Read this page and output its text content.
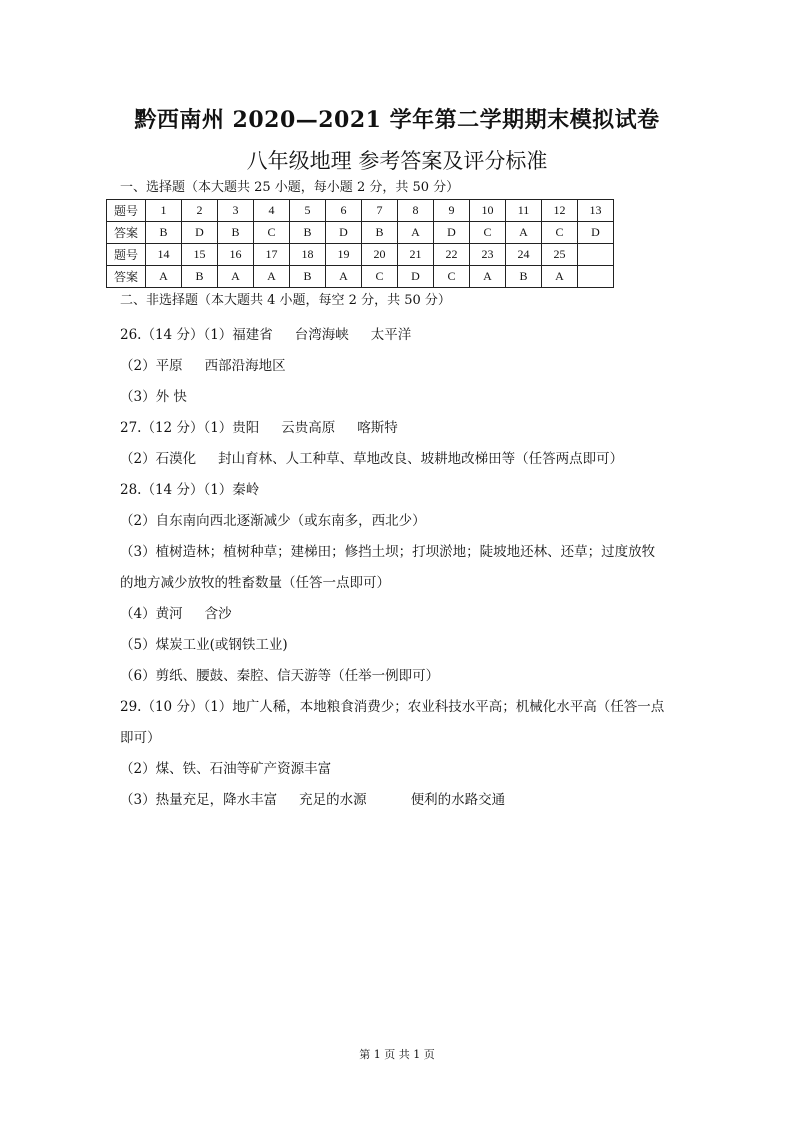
黔西南州 2020—2021 学年第二学期期末模拟试卷
八年级地理 参考答案及评分标准
一、选择题（本大题共 25 小题，每小题 2 分，共 50 分）
题号	1	2	3	4	5	6	7	8	9	10	11	12	13
答案	B	D	B	C	B	D	B	A	D	C	A	C	D
题号	14	15	16	17	18	19	20	21	22	23	24	25	
答案	A	B	A	A	B	A	C	D	C	A	B	A	
二、非选择题（本大题共 4 小题，每空 2 分，共 50 分）
26.（14 分）（1）福建省 台湾海峡 太平洋
（2）平原 西部沿海地区
（3）外 快
27.（12 分）（1）贵阳 云贵高原 喀斯特
（2）石漠化 封山育林、人工种草、草地改良、坡耕地改梯田等（任答两点即可）
28.（14 分）（1）秦岭
（2）自东南向西北逐渐减少（或东南多，西北少）
（3）植树造林；植树种草；建梯田；修挡土坝；打坝淤地；陡坡地还林、还草；过度放牧
的地方减少放牧的牲畜数量（任答一点即可）
（4）黄河 含沙
（5）煤炭工业(或钢铁工业)
（6）剪纸、腰鼓、秦腔、信天游等（任举一例即可）
29.（10 分）（1）地广人稀，本地粮食消费少；农业科技水平高；机械化水平高（任答一点
即可）
（2）煤、铁、石油等矿产资源丰富
（3）热量充足，降水丰富 充足的水源	便利的水路交通
第 1 页 共 1 页
